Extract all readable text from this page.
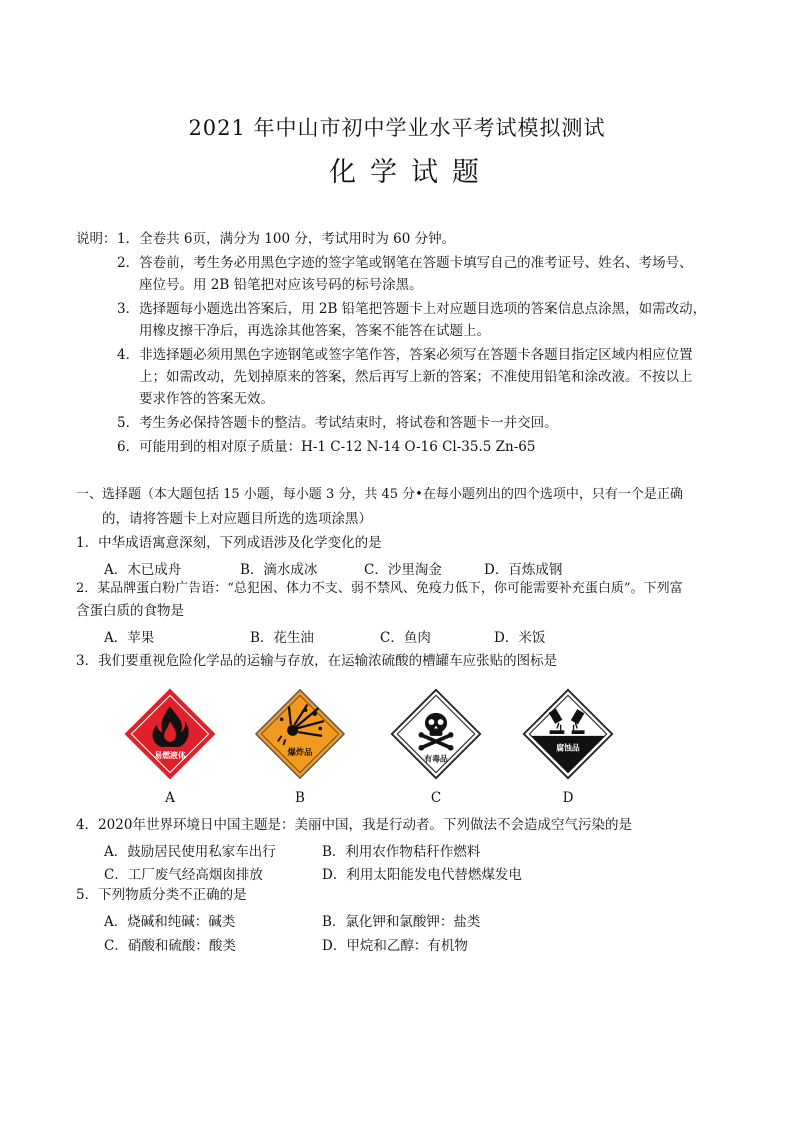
2021 年中山市初中学业水平考试模拟测试
化学试题
说明： 1．全卷共 6页，满分为 100 分，考试用时为 60 分钟。
2．答卷前，考生务必用黑色字迹的签字笔或钢笔在答题卡填写自己的准考证号、姓名、考场号、
座位号。用 2B 铅笔把对应该号码的标号涂黑。
3．选择题每小题选出答案后，用 2B 铅笔把答题卡上对应题目选项的答案信息点涂黑，如需改动，
用橡皮擦干净后，再选涂其他答案，答案不能答在试题上。
4．非选择题必须用黑色字迹钢笔或签字笔作答，答案必须写在答题卡各题目指定区域内相应位置
上；如需改动，先划掉原来的答案，然后再写上新的答案；不准使用铅笔和涂改液。不按以上
要求作答的答案无效。
5．考生务必保持答题卡的整洁。考试结束时，将试卷和答题卡一并交回。
6．可能用到的相对原子质量：H-1 C-12 N-14 O-16 Cl-35.5 Zn-65
一、选择题（本大题包括 15 小题，每小题 3 分，共 45 分•在每小题列出的四个选项中，只有一个是正确
的，请将答题卡上对应题目所选的选项涂黑）
1．中华成语寓意深刻，下列成语涉及化学变化的是
A．木已成舟	B．滴水成冰	C．沙里淘金	D．百炼成钢
2．某品牌蛋白粉广告语：“总犯困、体力不支、弱不禁风、免疫力低下，你可能需要补充蛋白质”。下列富
含蛋白质的食物是
A．苹果	B．花生油	C．鱼肉	D．米饭
3．我们要重视危险化学品的运输与存放，在运输浓硫酸的槽罐车应张贴的图标是
易燃液体	爆炸品
有毒品
腐蚀品
A	B	C	D
4．2020年世界环境日中国主题是：美丽中国，我是行动者。下列做法不会造成空气污染的是
A．鼓励居民使用私家车出行	B．利用农作物秸秆作燃料
C．工厂废气经高烟囱排放	D．利用太阳能发电代替燃煤发电
5．下列物质分类不正确的是
A．烧碱和纯碱：碱类	B．氯化钾和氯酸钾：盐类
C．硝酸和硫酸：酸类	D．甲烷和乙醇：有机物
